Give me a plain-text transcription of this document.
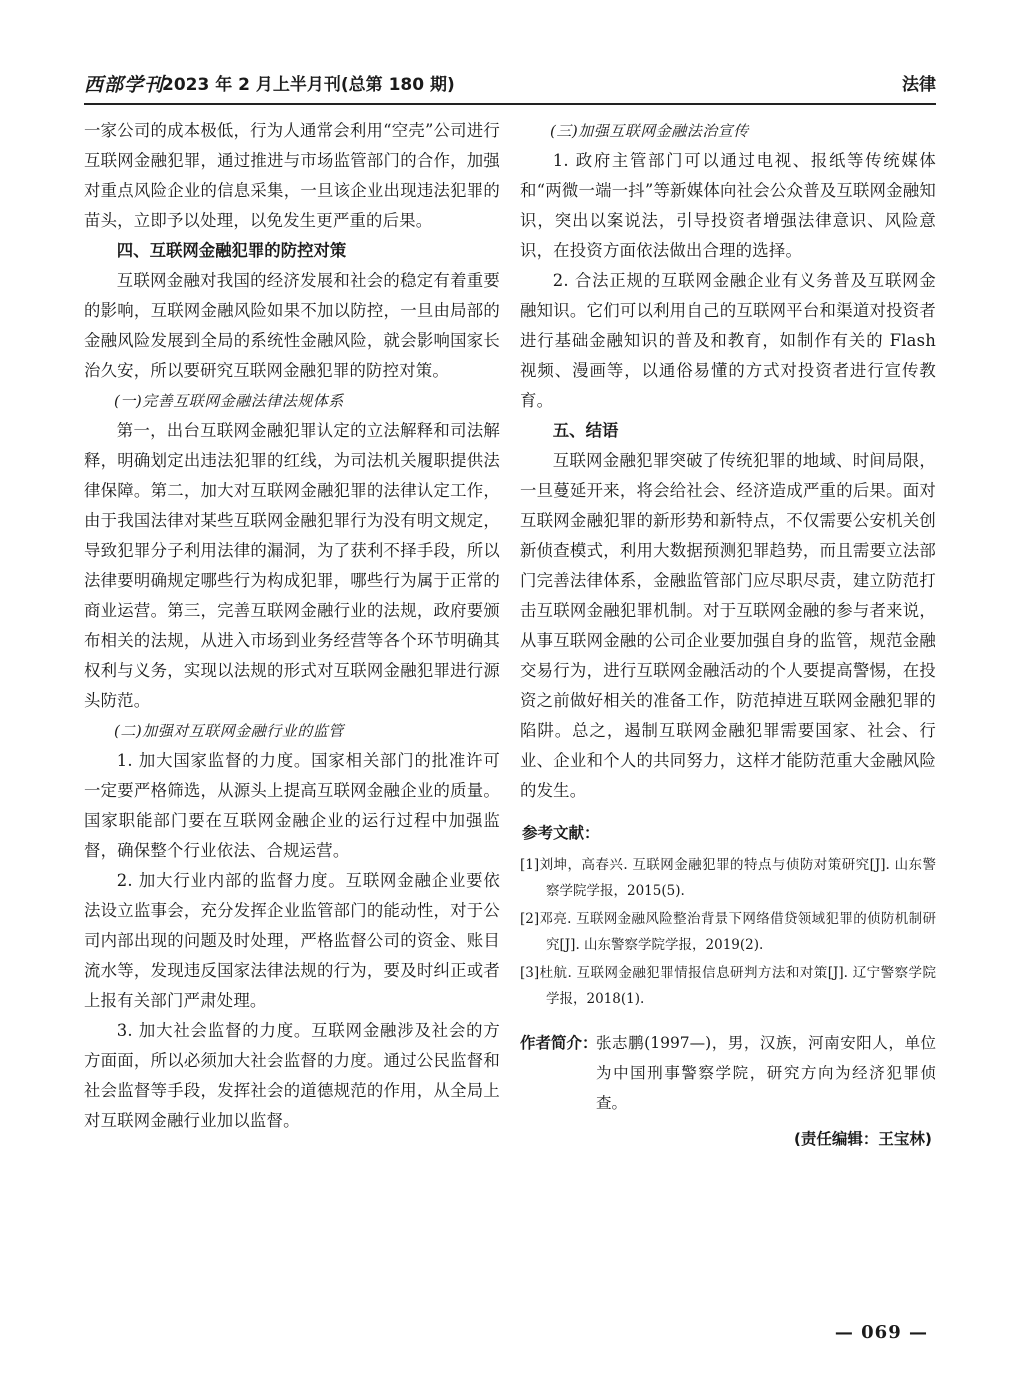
西部学刊
2023 年 2 月上半月刊(总第 180 期)	法律

一家公司的成本极低，行为人通常会利用“空壳”公司进行互联网金融犯罪，通过推进与市场监管部门的合作，加强对重点风险企业的信息采集，一旦该企业出现违法犯罪的苗头，立即予以处理，以免发生更严重的后果。

四、互联网金融犯罪的防控对策

互联网金融对我国的经济发展和社会的稳定有着重要的影响，互联网金融风险如果不加以防控，一旦由局部的金融风险发展到全局的系统性金融风险，就会影响国家长治久安，所以要研究互联网金融犯罪的防控对策。

(一)完善互联网金融法律法规体系

第一，出台互联网金融犯罪认定的立法解释和司法解释，明确划定出违法犯罪的红线，为司法机关履职提供法律保障。第二，加大对互联网金融犯罪的法律认定工作，由于我国法律对某些互联网金融犯罪行为没有明文规定，导致犯罪分子利用法律的漏洞，为了获利不择手段，所以法律要明确规定哪些行为构成犯罪，哪些行为属于正常的商业运营。第三，完善互联网金融行业的法规，政府要颁布相关的法规，从进入市场到业务经营等各个环节明确其权利与义务，实现以法规的形式对互联网金融犯罪进行源头防范。

(二)加强对互联网金融行业的监管

1. 加大国家监督的力度。国家相关部门的批准许可一定要严格筛选，从源头上提高互联网金融企业的质量。国家职能部门要在互联网金融企业的运行过程中加强监督，确保整个行业依法、合规运营。

2. 加大行业内部的监督力度。互联网金融企业要依法设立监事会，充分发挥企业监管部门的能动性，对于公司内部出现的问题及时处理，严格监督公司的资金、账目流水等，发现违反国家法律法规的行为，要及时纠正或者上报有关部门严肃处理。

3. 加大社会监督的力度。互联网金融涉及社会的方方面面，所以必须加大社会监督的力度。通过公民监督和社会监督等手段，发挥社会的道德规范的作用，从全局上对互联网金融行业加以监督。

(三)加强互联网金融法治宣传

1. 政府主管部门可以通过电视、报纸等传统媒体和“两微一端一抖”等新媒体向社会公众普及互联网金融知识，突出以案说法，引导投资者增强法律意识、风险意识，在投资方面依法做出合理的选择。

2. 合法正规的互联网金融企业有义务普及互联网金融知识。它们可以利用自己的互联网平台和渠道对投资者进行基础金融知识的普及和教育，如制作有关的 Flash 视频、漫画等，以通俗易懂的方式对投资者进行宣传教育。

五、结语

互联网金融犯罪突破了传统犯罪的地域、时间局限，一旦蔓延开来，将会给社会、经济造成严重的后果。面对互联网金融犯罪的新形势和新特点，不仅需要公安机关创新侦查模式，利用大数据预测犯罪趋势，而且需要立法部门完善法律体系，金融监管部门应尽职尽责，建立防范打击互联网金融犯罪机制。对于互联网金融的参与者来说，从事互联网金融的公司企业要加强自身的监管，规范金融交易行为，进行互联网金融活动的个人要提高警惕，在投资之前做好相关的准备工作，防范掉进互联网金融犯罪的陷阱。总之，遏制互联网金融犯罪需要国家、社会、行业、企业和个人的共同努力，这样才能防范重大金融风险的发生。

参考文献：

[1]刘坤，高春兴. 互联网金融犯罪的特点与侦防对策研究[J]. 山东警察学院学报，2015(5).

[2]邓亮. 互联网金融风险整治背景下网络借贷领域犯罪的侦防机制研究[J]. 山东警察学院学报，2019(2).

[3]杜航. 互联网金融犯罪情报信息研判方法和对策[J]. 辽宁警察学院学报，2018(1).

作者简介：
张志鹏(1997—)，男，汉族，河南安阳人，单位为中国刑事警察学院，研究方向为经济犯罪侦查。
(责任编辑：王宝林)
— 069 —
